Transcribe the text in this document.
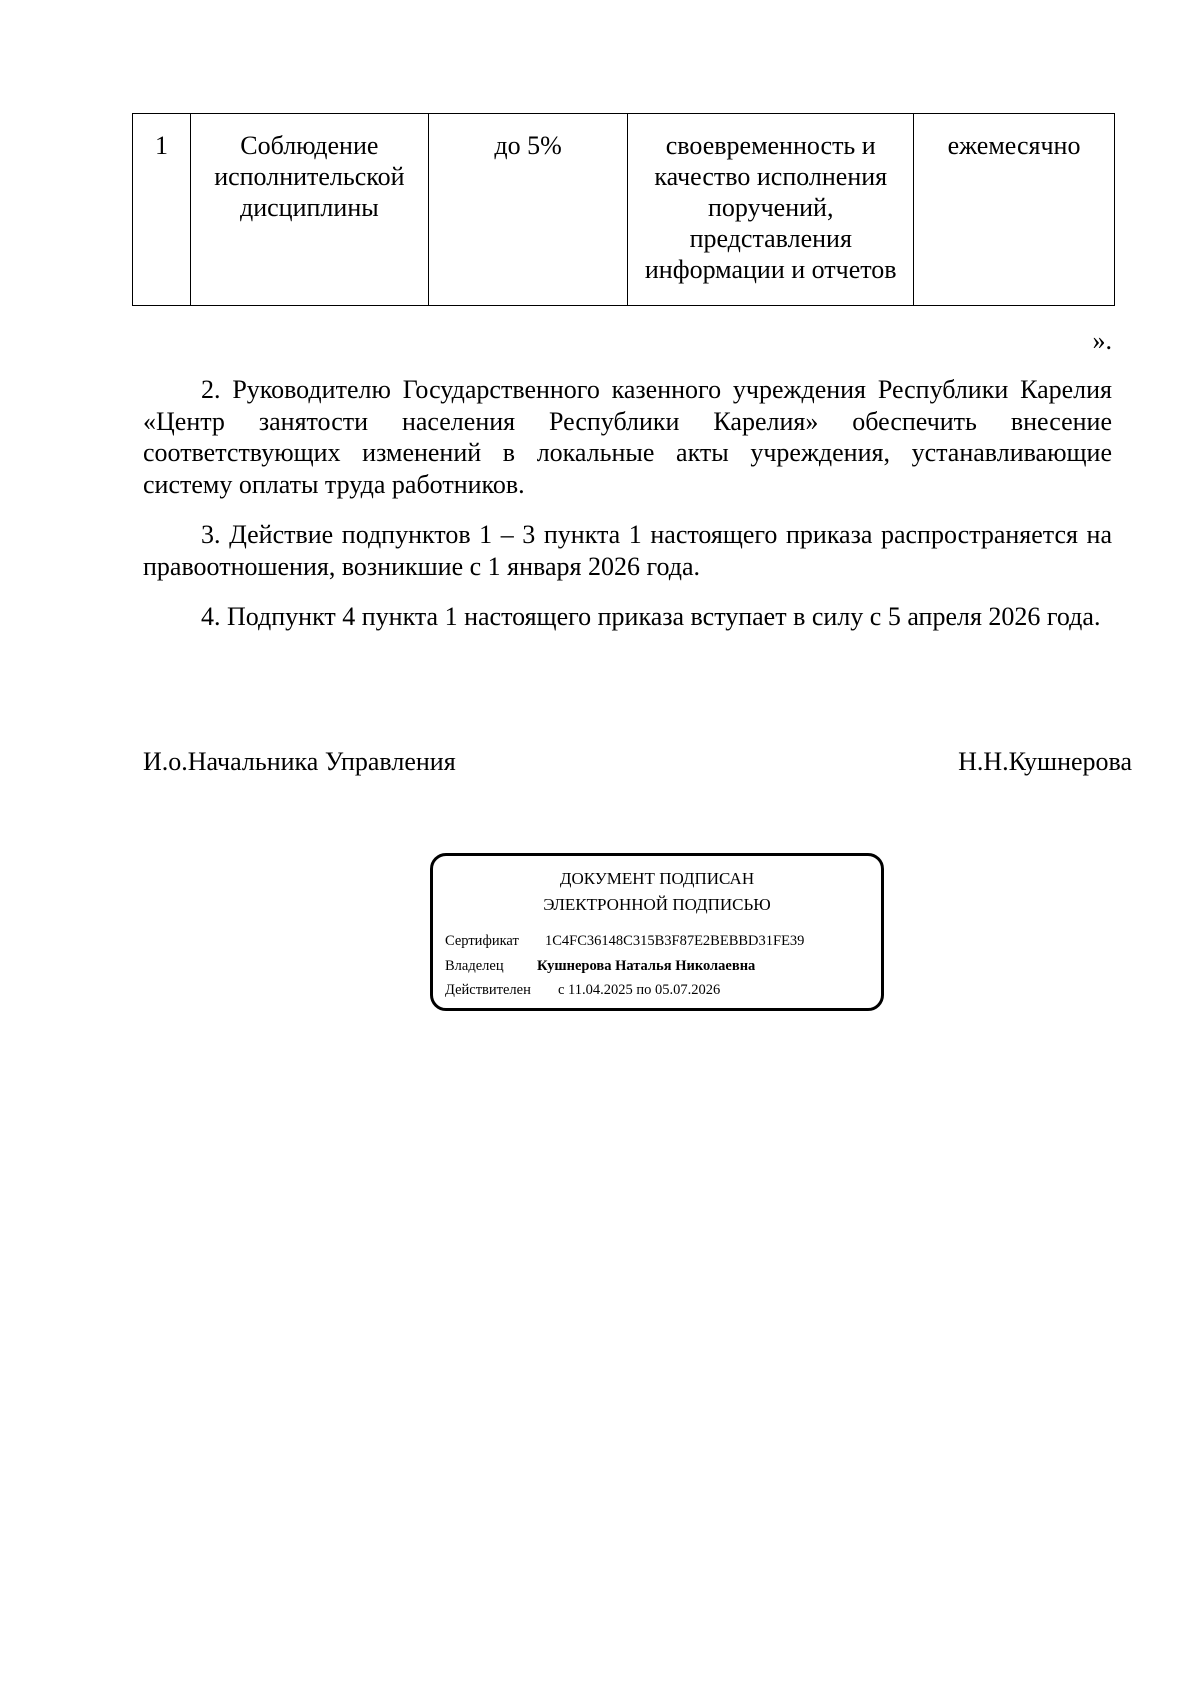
1	Соблюдение исполнительской дисциплины	до 5%	своевременность и качество исполнения поручений, представления информации и отчетов	ежемесячно
».

2. Руководителю Государственного казенного учреждения Республики Карелия «Центр занятости населения Республики Карелия» обеспечить внесение соответствующих изменений в локальные акты учреждения, устанавливающие систему оплаты труда работников.

3. Действие подпунктов 1 – 3 пункта 1 настоящего приказа распространяется на правоотношения, возникшие с 1 января 2026 года.

4. Подпункт 4 пункта 1 настоящего приказа вступает в силу с 5 апреля 2026 года.

И.о.Начальника Управления	Н.Н.Кушнерова
ДОКУМЕНТ ПОДПИСАН
ЭЛЕКТРОННОЙ ПОДПИСЬЮ
Сертификат 1C4FC36148C315B3F87E2BEBBD31FE39
Владелец Кушнерова Наталья Николаевна
Действителен с 11.04.2025 по 05.07.2026
